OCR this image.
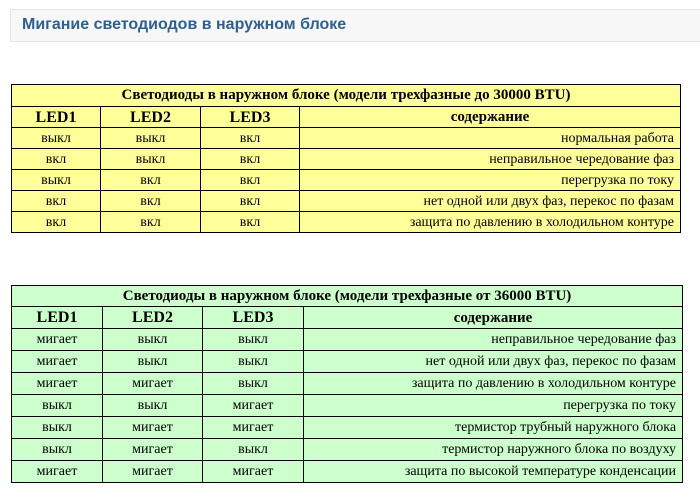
Мигание светодиодов в наружном блоке
Светодиоды в наружном блоке (модели трехфазные до 30000 BTU)			
LED1	LED2	LED3	содержание
выкл	выкл	вкл	нормальная работа
вкл	выкл	вкл	неправильное чередование фаз
выкл	вкл	вкл	перегрузка по току
вкл	вкл	вкл	нет одной или двух фаз, перекос по фазам
вкл	вкл	вкл	защита по давлению в холодильном контуре
Светодиоды в наружном блоке (модели трехфазные от 36000 BTU)			
LED1	LED2	LED3	содержание
мигает	выкл	выкл	неправильное чередование фаз
мигает	выкл	выкл	нет одной или двух фаз, перекос по фазам
мигает	мигает	выкл	защита по давлению в холодильном контуре
выкл	выкл	мигает	перегрузка по току
выкл	мигает	мигает	термистор трубный наружного блока
выкл	мигает	выкл	термистор наружного блока по воздуху
мигает	мигает	мигает	защита по высокой температуре конденсации
